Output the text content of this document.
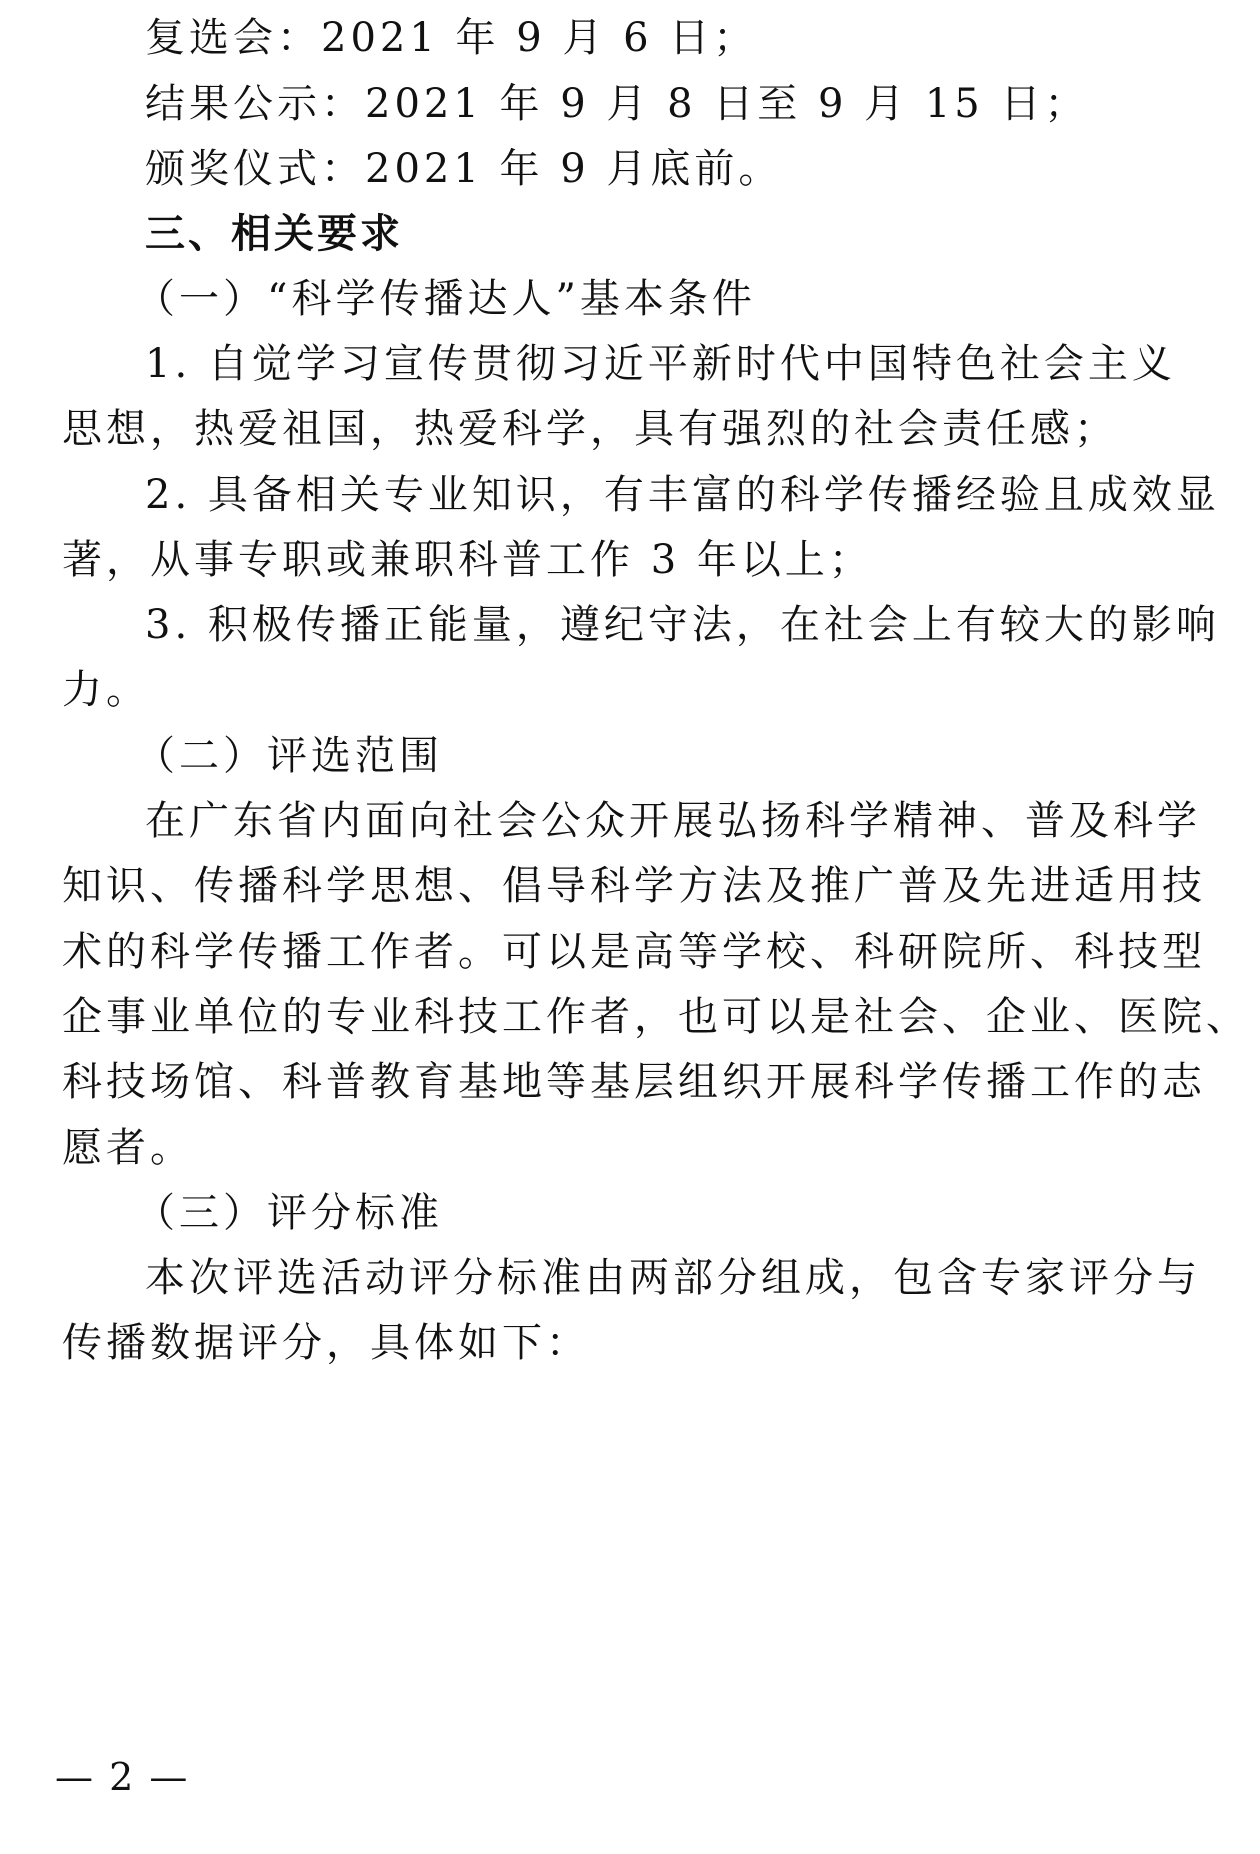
复选会：2021 年 9 月 6 日；
结果公示：2021 年 9 月 8 日至 9 月 15 日；
颁奖仪式：2021 年 9 月底前。
三、相关要求
（一）“科学传播达人”基本条件
1. 自觉学习宣传贯彻习近平新时代中国特色社会主义
思想，热爱祖国，热爱科学，具有强烈的社会责任感；
2. 具备相关专业知识，有丰富的科学传播经验且成效显
著，从事专职或兼职科普工作 3 年以上；
3. 积极传播正能量，遵纪守法，在社会上有较大的影响
力。
（二）评选范围
在广东省内面向社会公众开展弘扬科学精神、普及科学
知识、传播科学思想、倡导科学方法及推广普及先进适用技
术的科学传播工作者。可以是高等学校、科研院所、科技型
企事业单位的专业科技工作者，也可以是社会、企业、医院、
科技场馆、科普教育基地等基层组织开展科学传播工作的志
愿者。
（三）评分标准
本次评选活动评分标准由两部分组成，包含专家评分与
传播数据评分，具体如下：
— 2 —
